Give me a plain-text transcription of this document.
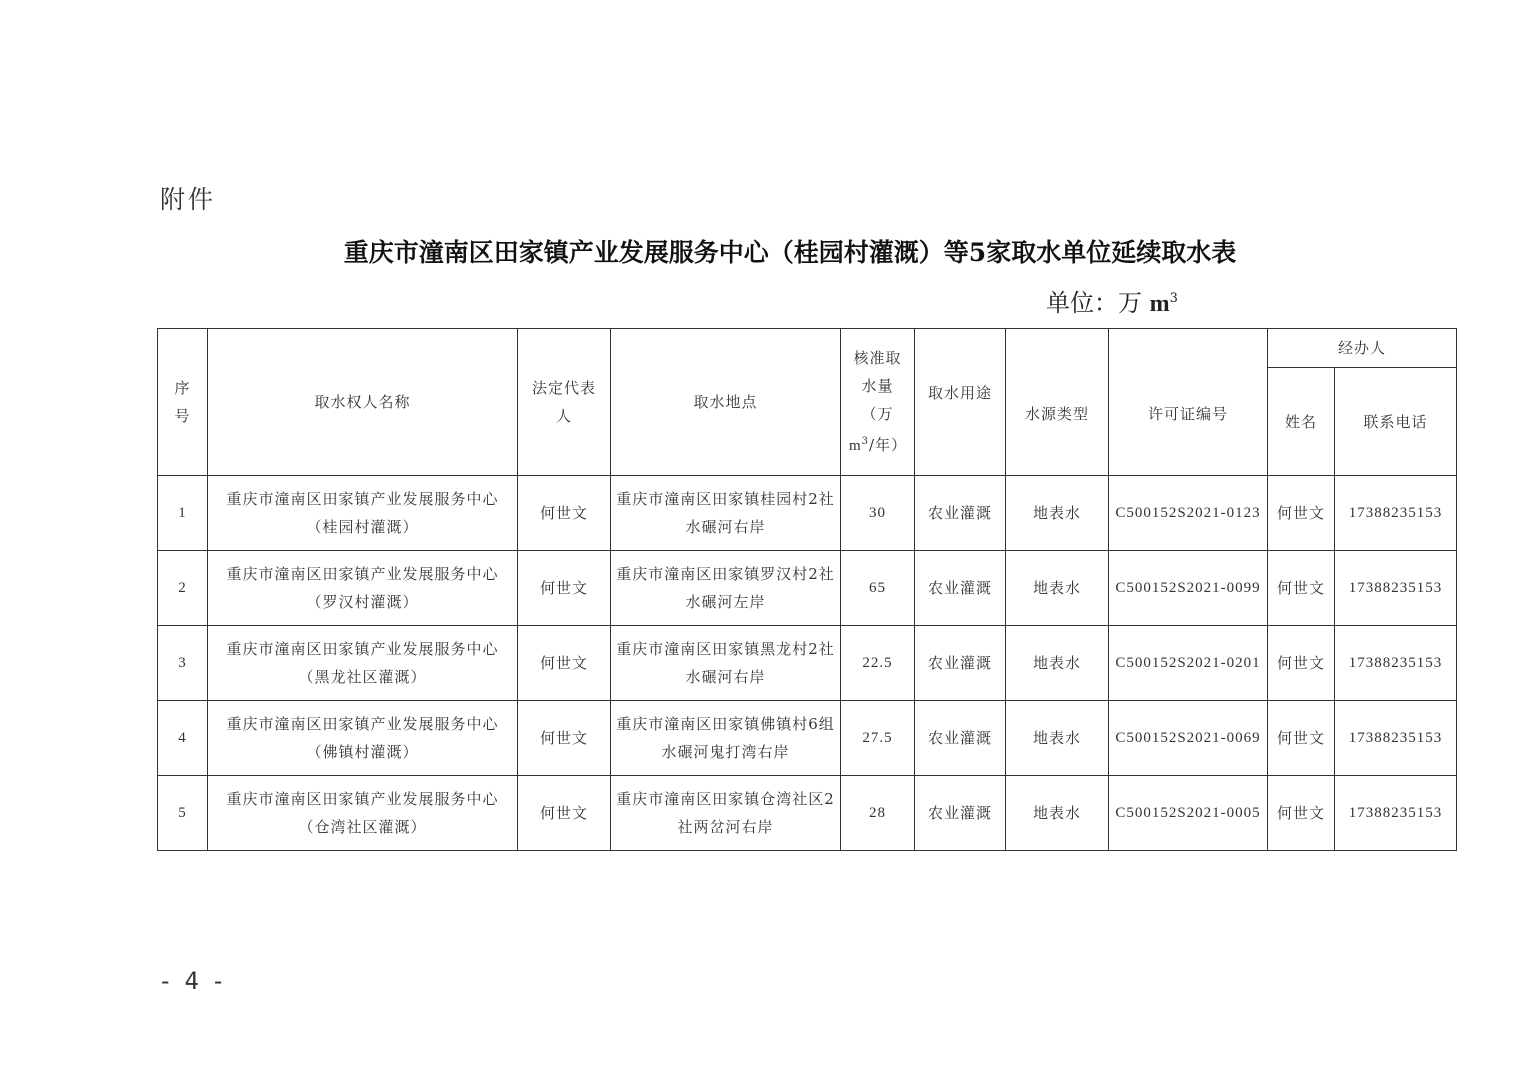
附件
重庆市潼南区田家镇产业发展服务中心（桂园村灌溉）等5家取水单位延续取水表
单位：万 $m^3$
序号	取水权人名称	法定代表人	取水地点	核准取水量（万$m^3/$年）	取水用途	水源类型	许可证编号	经办人	
								姓名	联系电话
1	重庆市潼南区田家镇产业发展服务中心（桂园村灌溉）	何世文	重庆市潼南区田家镇桂园村2社水碾河右岸	30	农业灌溉	地表水	C500152S2021-0123	何世文	17388235153
2	重庆市潼南区田家镇产业发展服务中心（罗汉村灌溉）	何世文	重庆市潼南区田家镇罗汉村2社水碾河左岸	65	农业灌溉	地表水	C500152S2021-0099	何世文	17388235153
3	重庆市潼南区田家镇产业发展服务中心（黑龙社区灌溉）	何世文	重庆市潼南区田家镇黑龙村2社水碾河右岸	22.5	农业灌溉	地表水	C500152S2021-0201	何世文	17388235153
4	重庆市潼南区田家镇产业发展服务中心（佛镇村灌溉）	何世文	重庆市潼南区田家镇佛镇村6组水碾河鬼打湾右岸	27.5	农业灌溉	地表水	C500152S2021-0069	何世文	17388235153
5	重庆市潼南区田家镇产业发展服务中心（仓湾社区灌溉）	何世文	重庆市潼南区田家镇仓湾社区2社两岔河右岸	28	农业灌溉	地表水	C500152S2021-0005	何世文	17388235153
-4-
